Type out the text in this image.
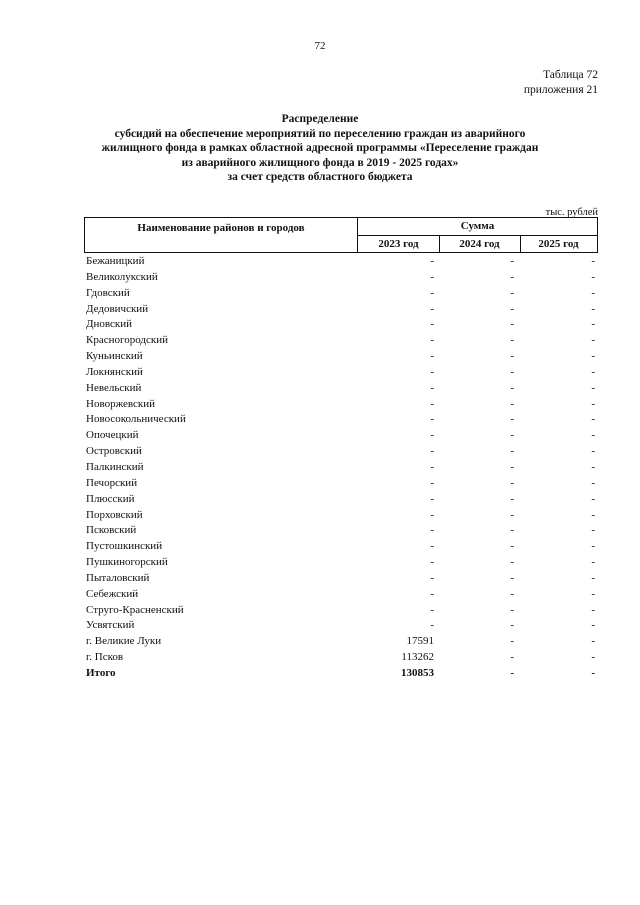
72
Таблица 72
приложения 21
Распределение
субсидий на обеспечение мероприятий по переселению граждан из аварийного
жилищного фонда в рамках областной адресной программы «Переселение граждан
из аварийного жилищного фонда в 2019 - 2025 годах»
за счет средств областного бюджета
тыс. рублей
Наименование районов и городов	Сумма
2023 год	2024 год	2025 год
Бежаницкий	-	-	-
Великолукский	-	-	-
Гдовский	-	-	-
Дедовичский	-	-	-
Дновский	-	-	-
Красногородский	-	-	-
Куньинский	-	-	-
Локнянский	-	-	-
Невельский	-	-	-
Новоржевский	-	-	-
Новосокольнический	-	-	-
Опочецкий	-	-	-
Островский	-	-	-
Палкинский	-	-	-
Печорский	-	-	-
Плюсский	-	-	-
Порховский	-	-	-
Псковский	-	-	-
Пустошкинский	-	-	-
Пушкиногорский	-	-	-
Пыталовский	-	-	-
Себежский	-	-	-
Струго-Красненский	-	-	-
Усвятский	-	-	-
г. Великие Луки	17591	-	-
г. Псков	113262	-	-
Итого	130853	-	-
